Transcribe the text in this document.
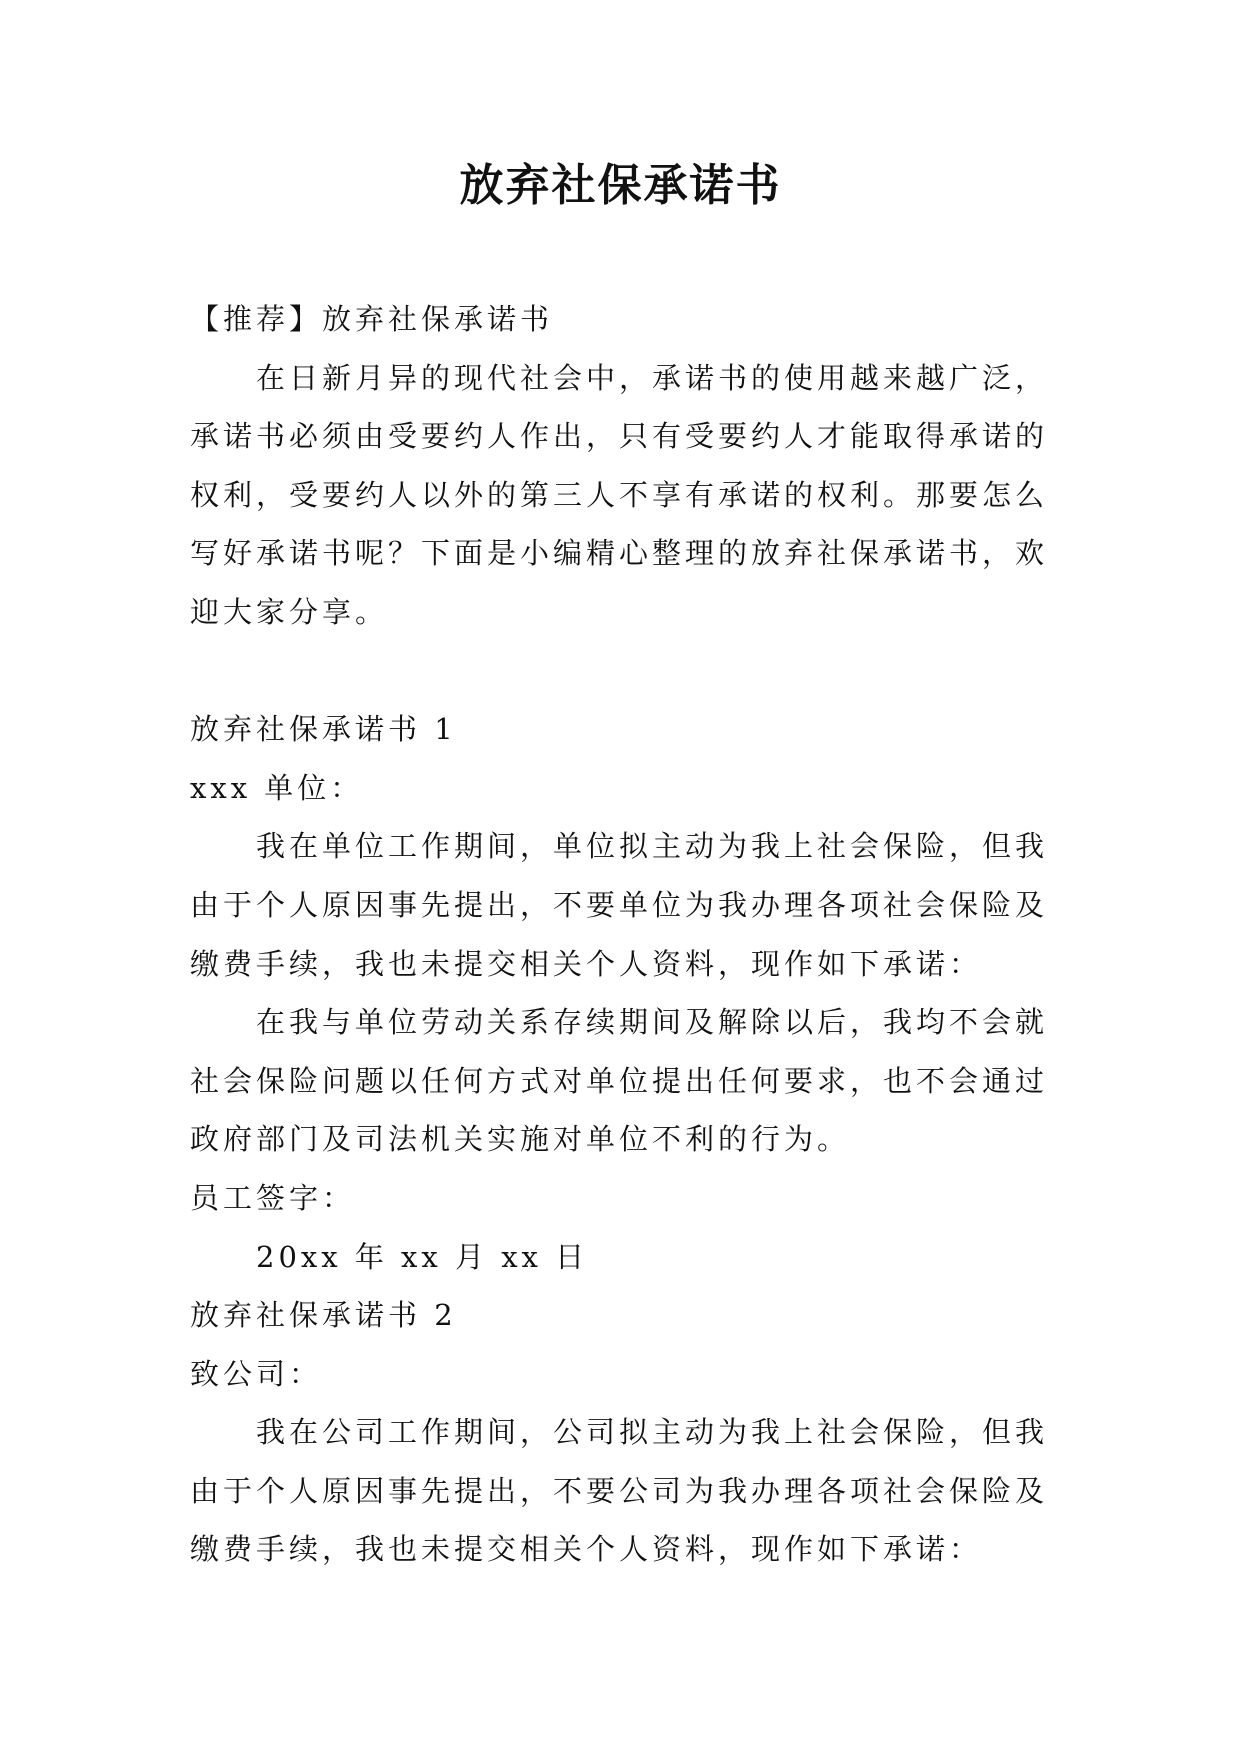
放弃社保承诺书
【推荐】放弃社保承诺书
在日新月异的现代社会中，承诺书的使用越来越广泛，
承诺书必须由受要约人作出，只有受要约人才能取得承诺的
权利，受要约人以外的第三人不享有承诺的权利。那要怎么
写好承诺书呢？下面是小编精心整理的放弃社保承诺书，欢
迎大家分享。
放弃社保承诺书 1
xxx 单位：
我在单位工作期间，单位拟主动为我上社会保险，但我
由于个人原因事先提出，不要单位为我办理各项社会保险及
缴费手续，我也未提交相关个人资料，现作如下承诺：
在我与单位劳动关系存续期间及解除以后，我均不会就
社会保险问题以任何方式对单位提出任何要求，也不会通过
政府部门及司法机关实施对单位不利的行为。
员工签字：
20xx 年 xx 月 xx 日
放弃社保承诺书 2
致公司：
我在公司工作期间，公司拟主动为我上社会保险，但我
由于个人原因事先提出，不要公司为我办理各项社会保险及
缴费手续，我也未提交相关个人资料，现作如下承诺：
